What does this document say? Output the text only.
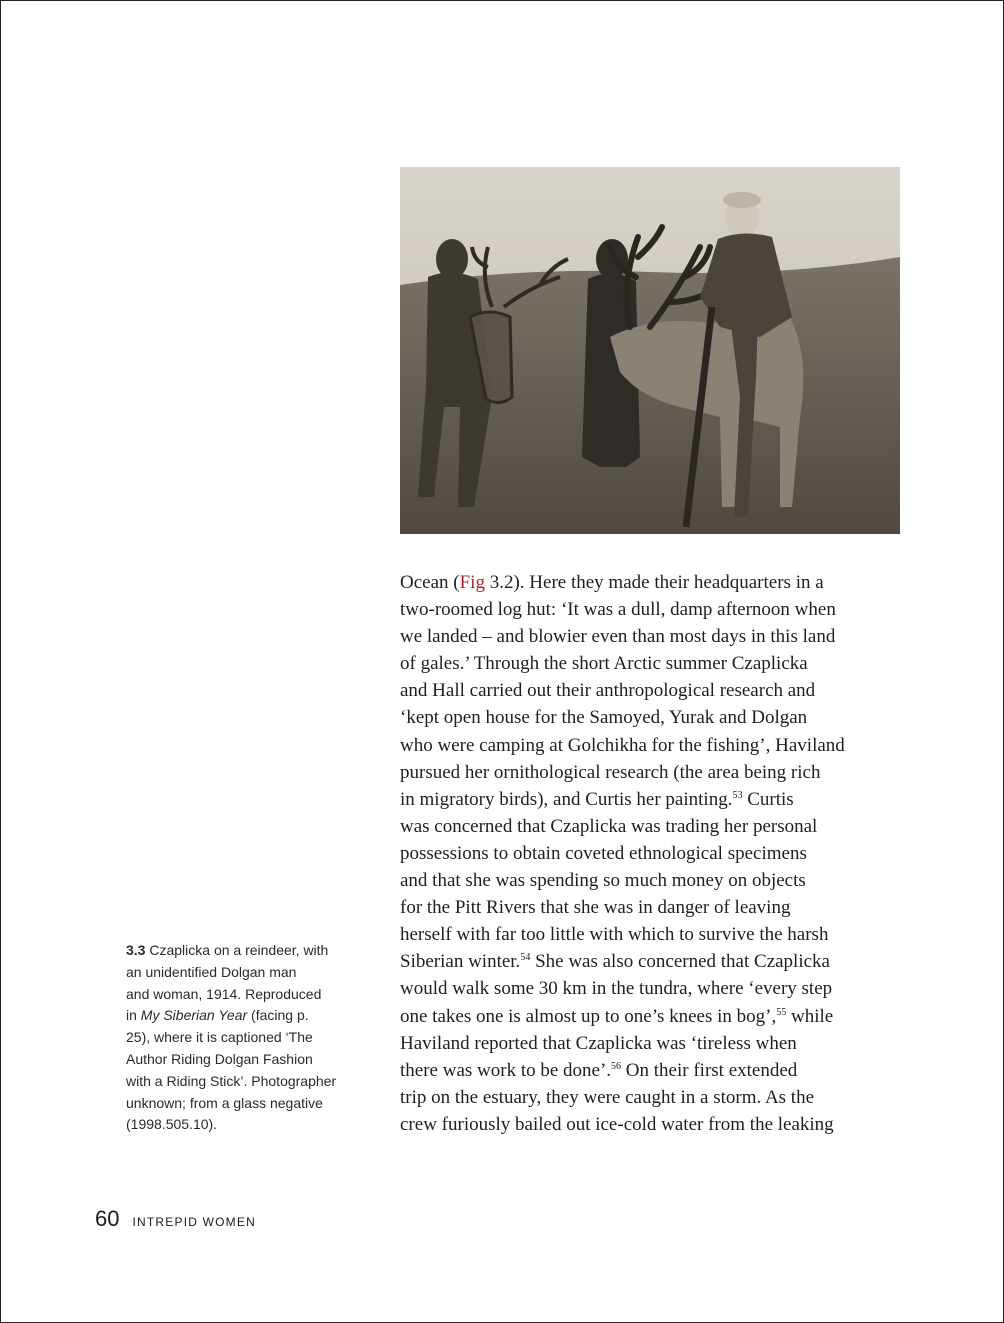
Ocean (Fig 3.2). Here they made their headquarters in a
two-roomed log hut: ‘It was a dull, damp afternoon when
we landed – and blowier even than most days in this land
of gales.’ Through the short Arctic summer Czaplicka
and Hall carried out their anthropological research and
‘kept open house for the Samoyed, Yurak and Dolgan
who were camping at Golchikha for the fishing’, Haviland
pursued her ornithological research (the area being rich
in migratory birds), and Curtis her painting.$^{53}$ Curtis
was concerned that Czaplicka was trading her personal
possessions to obtain coveted ethnological specimens
and that she was spending so much money on objects
for the Pitt Rivers that she was in danger of leaving
herself with far too little with which to survive the harsh
Siberian winter.$^{54}$ She was also concerned that Czaplicka
would walk some 30 km in the tundra, where ‘every step
one takes one is almost up to one’s knees in bog’,$^{55}$ while
Haviland reported that Czaplicka was ‘tireless when
there was work to be done’.$^{56}$ On their first extended
trip on the estuary, they were caught in a storm. As the
crew furiously bailed out ice-cold water from the leaking
3.3 Czaplicka on a reindeer, with
an unidentified Dolgan man
and woman, 1914. Reproduced
in My Siberian Year (facing p.
25), where it is captioned ‘The
Author Riding Dolgan Fashion
with a Riding Stick’. Photographer
unknown; from a glass negative
(1998.505.10).
60 INTREPID WOMEN
